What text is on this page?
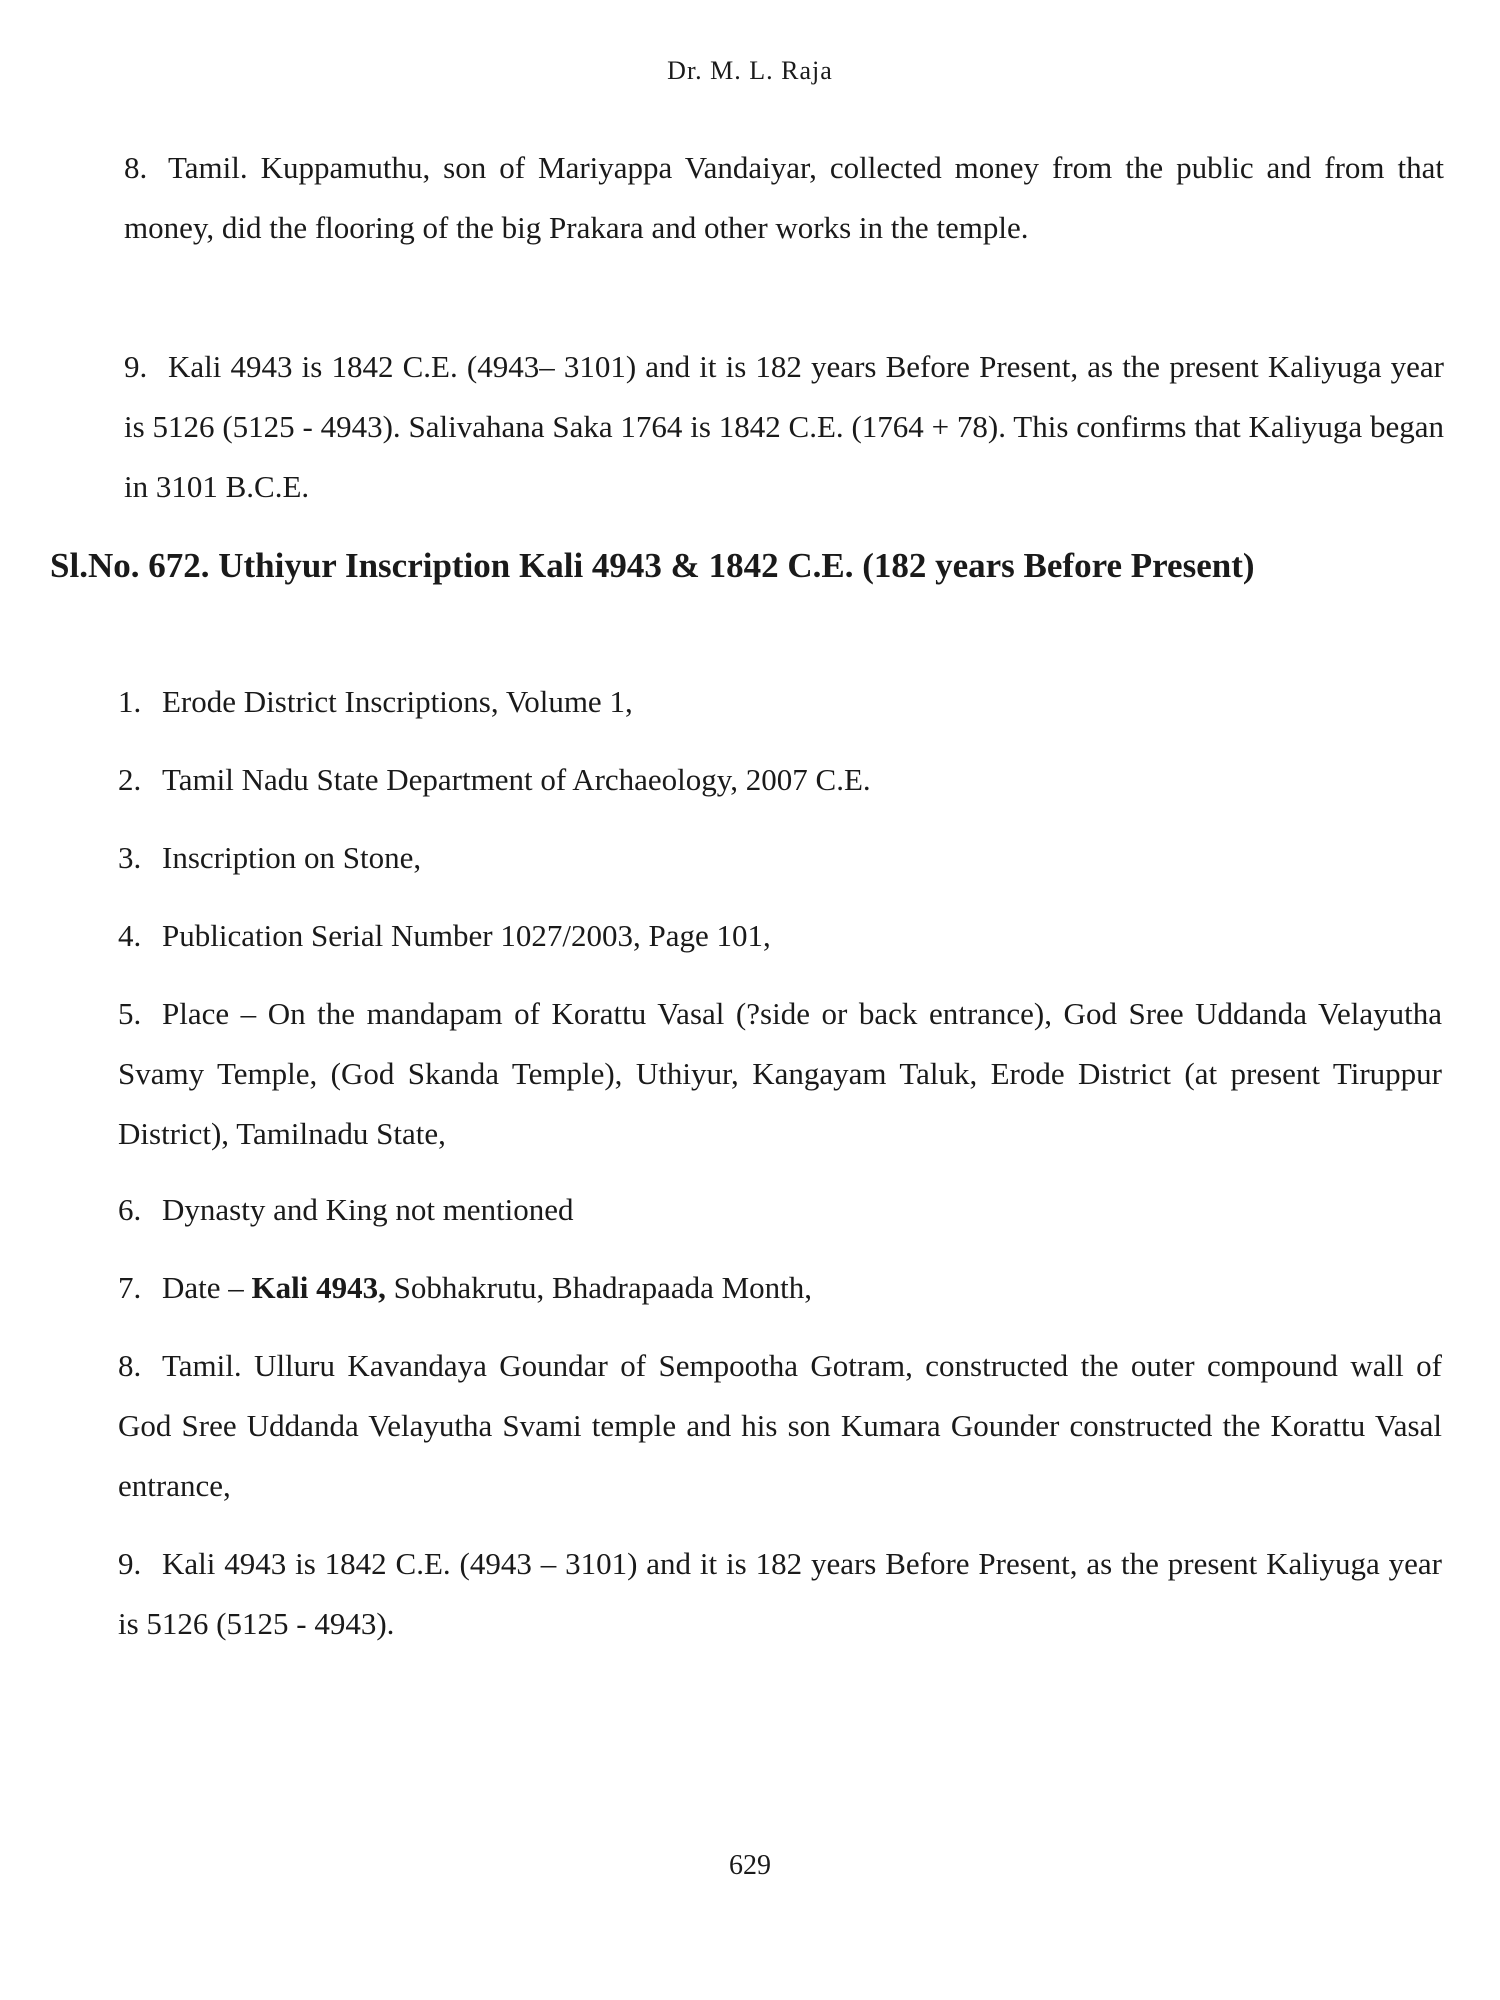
Dr. M. L. Raja

8. Tamil. Kuppamuthu, son of Mariyappa Vandaiyar, collected money from the public and from that money, did the flooring of the big Prakara and other works in the temple.

9. Kali 4943 is 1842 C.E. (4943– 3101) and it is 182 years Before Present, as the present Kaliyuga year is 5126 (5125 - 4943). Salivahana Saka 1764 is 1842 C.E. (1764 + 78). This confirms that Kaliyuga began in 3101 B.C.E.

Sl.No. 672. Uthiyur Inscription Kali 4943 & 1842 C.E. (182 years Before Present)

1. Erode District Inscriptions, Volume 1,

2. Tamil Nadu State Department of Archaeology, 2007 C.E.

3. Inscription on Stone,

4. Publication Serial Number 1027/2003, Page 101,

5. Place – On the mandapam of Korattu Vasal (?side or back entrance), God Sree Uddanda Velayutha Svamy Temple, (God Skanda Temple), Uthiyur, Kangayam Taluk, Erode District (at present Tiruppur District), Tamilnadu State,

6. Dynasty and King not mentioned

7. Date – Kali 4943, Sobhakrutu, Bhadrapaada Month,

8. Tamil. Ulluru Kavandaya Goundar of Sempootha Gotram, constructed the outer compound wall of God Sree Uddanda Velayutha Svami temple and his son Kumara Gounder constructed the Korattu Vasal entrance,

9. Kali 4943 is 1842 C.E. (4943 – 3101) and it is 182 years Before Present, as the present Kaliyuga year is 5126 (5125 - 4943).

629
